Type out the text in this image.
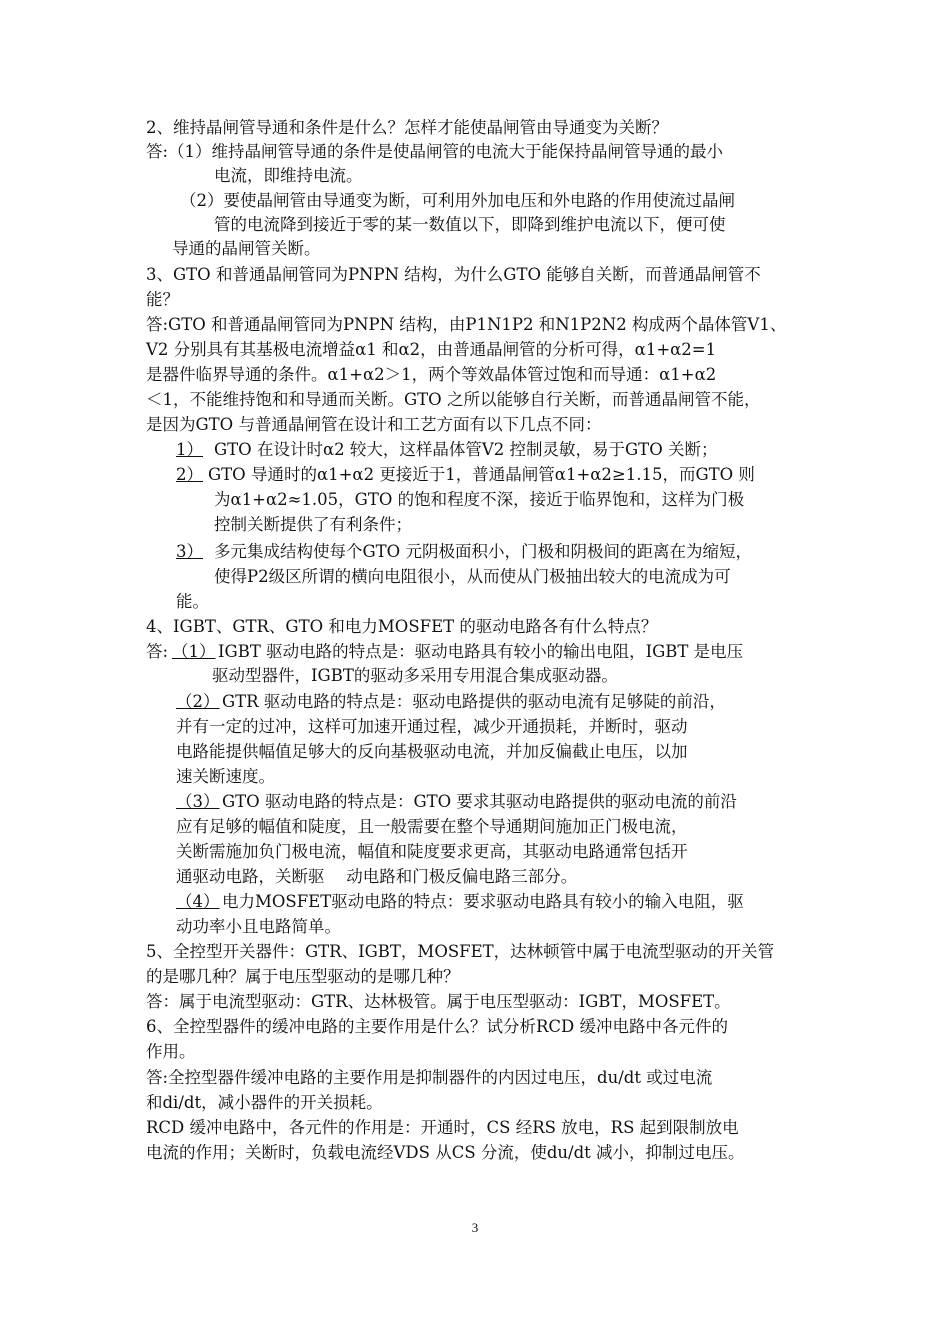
2、维持晶闸管导通和条件是什么？怎样才能使晶闸管由导通变为关断？
答:（1）维持晶闸管导通的条件是使晶闸管的电流大于能保持晶闸管导通的最小
电流，即维持电流。
（2）要使晶闸管由导通变为断，可利用外加电压和外电路的作用使流过晶闸
管的电流降到接近于零的某一数值以下，即降到维护电流以下，便可使
导通的晶闸管关断。
3、GTO 和普通晶闸管同为PNPN 结构，为什么GTO 能够自关断，而普通晶闸管不
能？
答:GTO 和普通晶闸管同为PNPN 结构，由P1N1P2 和N1P2N2 构成两个晶体管V1、
V2 分别具有其基极电流增益α1 和α2，由普通晶闸管的分析可得，α1+α2=1
是器件临界导通的条件。α1+α2＞1，两个等效晶体管过饱和而导通：α1+α2
＜1，不能维持饱和和导通而关断。GTO 之所以能够自行关断，而普通晶闸管不能，
是因为GTO 与普通晶闸管在设计和工艺方面有以下几点不同：
1） GTO 在设计时α2 较大，这样晶体管V2 控制灵敏，易于GTO 关断；
2） GTO 导通时的α1+α2 更接近于1，普通晶闸管α1+α2≥1.15，而GTO 则
为α1+α2≈1.05，GTO 的饱和程度不深，接近于临界饱和，这样为门极
控制关断提供了有利条件；
3） 多元集成结构使每个GTO 元阴极面积小，门极和阴极间的距离在为缩短，
使得P2级区所谓的横向电阻很小，从而使从门极抽出较大的电流成为可
能。
4、IGBT、GTR、GTO 和电力MOSFET 的驱动电路各有什么特点？
答: （1） IGBT 驱动电路的特点是：驱动电路具有较小的输出电阻，IGBT 是电压
驱动型器件，IGBT的驱动多采用专用混合集成驱动器。
（2） GTR 驱动电路的特点是：驱动电路提供的驱动电流有足够陡的前沿，
并有一定的过冲，这样可加速开通过程，减少开通损耗，并断时，驱动
电路能提供幅值足够大的反向基极驱动电流，并加反偏截止电压，以加
速关断速度。
（3） GTO 驱动电路的特点是：GTO 要求其驱动电路提供的驱动电流的前沿
应有足够的幅值和陡度，且一般需要在整个导通期间施加正门极电流，
关断需施加负门极电流，幅值和陡度要求更高，其驱动电路通常包括开
通驱动电路，关断驱　 动电路和门极反偏电路三部分。
（4） 电力MOSFET驱动电路的特点：要求驱动电路具有较小的输入电阻，驱
动功率小且电路简单。
5、全控型开关器件：GTR、IGBT，MOSFET，达林顿管中属于电流型驱动的开关管
的是哪几种？属于电压型驱动的是哪几种？
答：属于电流型驱动：GTR、达林极管。属于电压型驱动：IGBT，MOSFET。
6、全控型器件的缓冲电路的主要作用是什么？试分析RCD 缓冲电路中各元件的
作用。
答:全控型器件缓冲电路的主要作用是抑制器件的内因过电压，du/dt 或过电流
和di/dt，减小器件的开关损耗。
RCD 缓冲电路中，各元件的作用是：开通时，CS 经RS 放电，RS 起到限制放电
电流的作用；关断时，负载电流经VDS 从CS 分流，使du/dt 减小，抑制过电压。
3
